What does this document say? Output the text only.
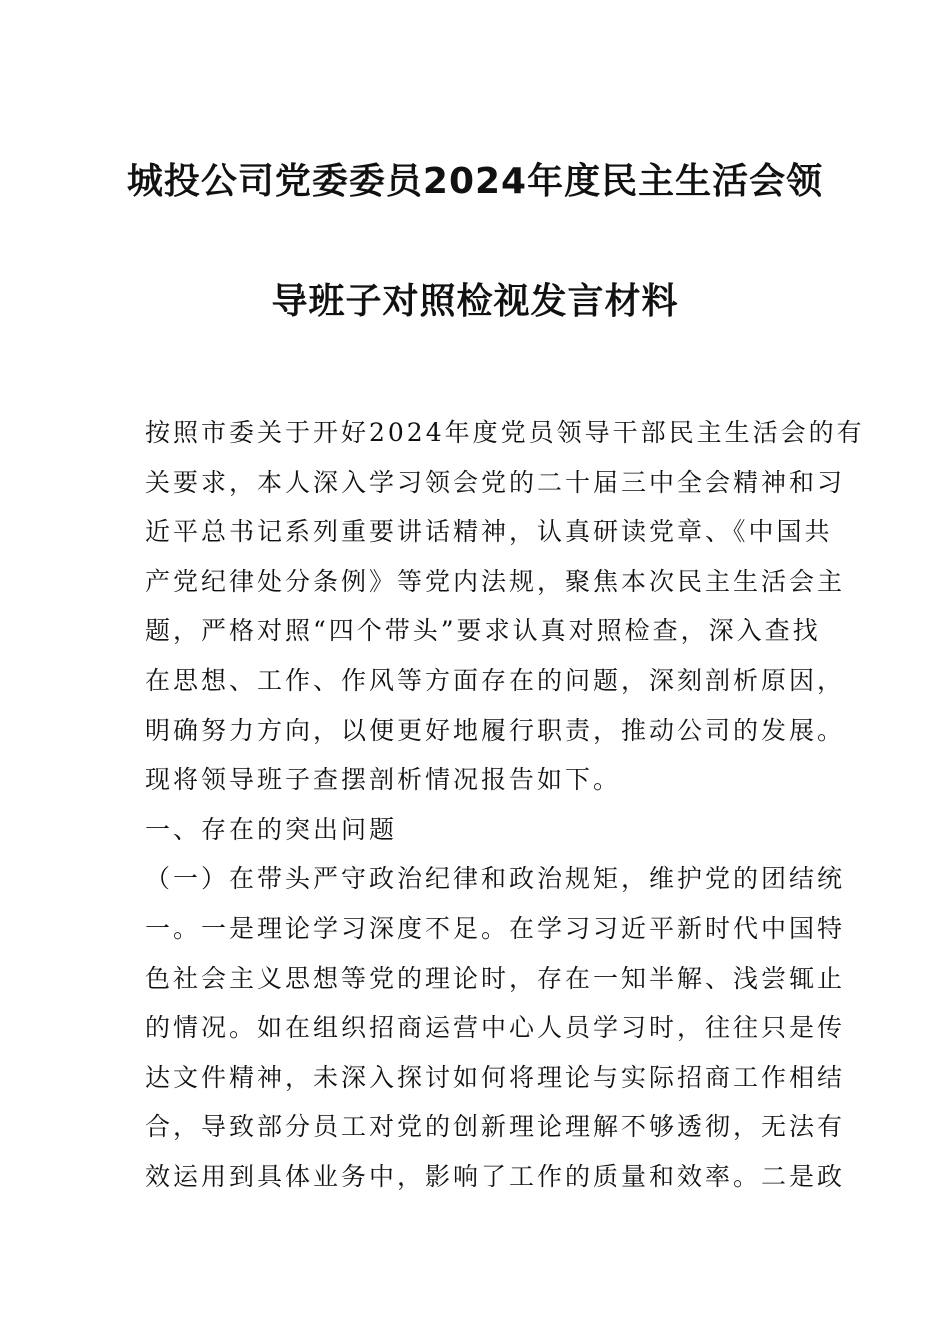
城投公司党委委员2024年度民主生活会领
导班子对照检视发言材料
按照市委关于开好2024年度党员领导干部民主生活会的有
关要求，本人深入学习领会党的二十届三中全会精神和习
近平总书记系列重要讲话精神，认真研读党章、《中国共
产党纪律处分条例》等党内法规，聚焦本次民主生活会主
题，严格对照“四个带头”要求认真对照检查，深入查找
在思想、工作、作风等方面存在的问题，深刻剖析原因，
明确努力方向，以便更好地履行职责，推动公司的发展。
现将领导班子查摆剖析情况报告如下。
一、存在的突出问题
（一）在带头严守政治纪律和政治规矩，维护党的团结统
一。一是理论学习深度不足。在学习习近平新时代中国特
色社会主义思想等党的理论时，存在一知半解、浅尝辄止
的情况。如在组织招商运营中心人员学习时，往往只是传
达文件精神，未深入探讨如何将理论与实际招商工作相结
合，导致部分员工对党的创新理论理解不够透彻，无法有
效运用到具体业务中，影响了工作的质量和效率。二是政
